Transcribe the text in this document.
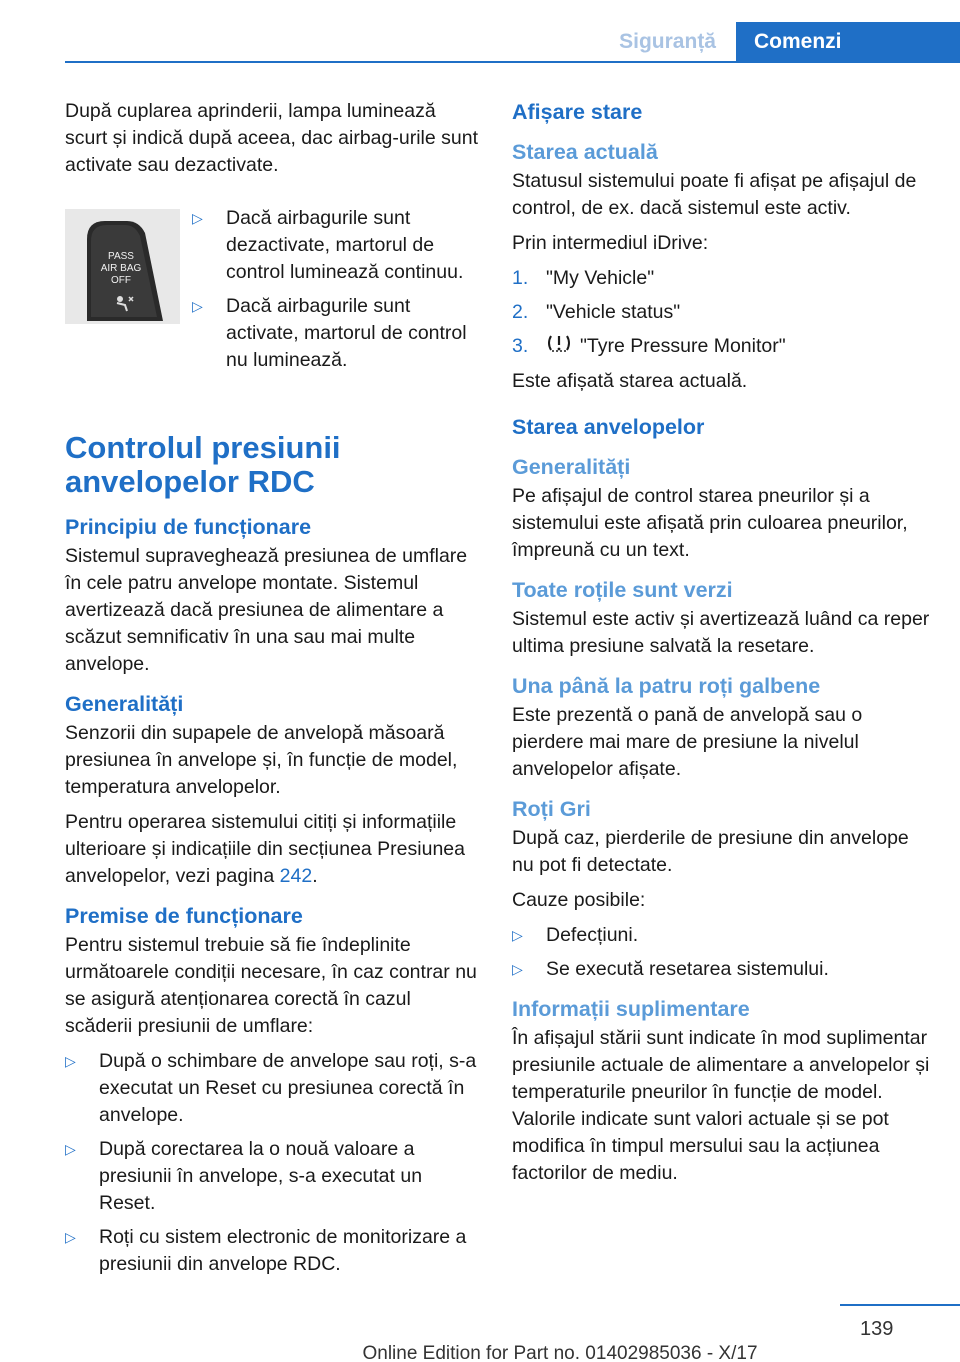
Siguranță	Comenzi

După cuplarea aprinderii, lampa luminează scurt și indică după aceea, dac airbag-urile sunt activate sau dezactivate.

PASS
AIR BAG
OFF
▷	Dacă airbagurile sunt dezactivate, martorul de control luminează continuu.
▷	Dacă airbagurile sunt activate, martorul de control nu luminează.
Controlul presiunii anvelopelor RDC
Principiu de funcționare

Sistemul supraveghează presiunea de umflare în cele patru anvelope montate. Sistemul avertizează dacă presiunea de alimentare a scăzut semnificativ în una sau mai multe anvelope.

Generalități

Senzorii din supapele de anvelopă măsoară presiunea în anvelope și, în funcție de model, temperatura anvelopelor.

Pentru operarea sistemului citiți și informațiile ulterioare și indicațiile din secțiunea Presiunea anvelopelor, vezi pagina 242.

Premise de funcționare

Pentru sistemul trebuie să fie îndeplinite următoarele condiții necesare, în caz contrar nu se asigură atenționarea corectă în cazul scăderii presiunii de umflare:

▷	După o schimbare de anvelope sau roți, s-a executat un Reset cu presiunea corectă în anvelope.
▷	După corectarea la o nouă valoare a presiunii în anvelope, s-a executat un Reset.
▷	Roți cu sistem electronic de monitorizare a presiunii din anvelope RDC.
Afișare stare
Starea actuală

Statusul sistemului poate fi afișat pe afișajul de control, de ex. dacă sistemul este activ.

Prin intermediul iDrive:

1. "My Vehicle"
2. "Vehicle status"
3.	"Tyre Pressure Monitor"

Este afișată starea actuală.

Starea anvelopelor
Generalități

Pe afișajul de control starea pneurilor și a sistemului este afișată prin culoarea pneurilor, împreună cu un text.

Toate roțile sunt verzi

Sistemul este activ și avertizează luând ca reper ultima presiune salvată la resetare.

Una până la patru roți galbene

Este prezentă o pană de anvelopă sau o pierdere mai mare de presiune la nivelul anvelopelor afișate.

Roți Gri

După caz, pierderile de presiune din anvelope nu pot fi detectate.

Cauze posibile:

▷	Defecțiuni.
▷	Se execută resetarea sistemului.
Informații suplimentare

În afișajul stării sunt indicate în mod suplimentar presiunile actuale de alimentare a anvelopelor și temperaturile pneurilor în funcție de model. Valorile indicate sunt valori actuale și se pot modifica în timpul mersului sau la acțiunea factorilor de mediu.

139
Online Edition for Part no. 01402985036 - X/17
